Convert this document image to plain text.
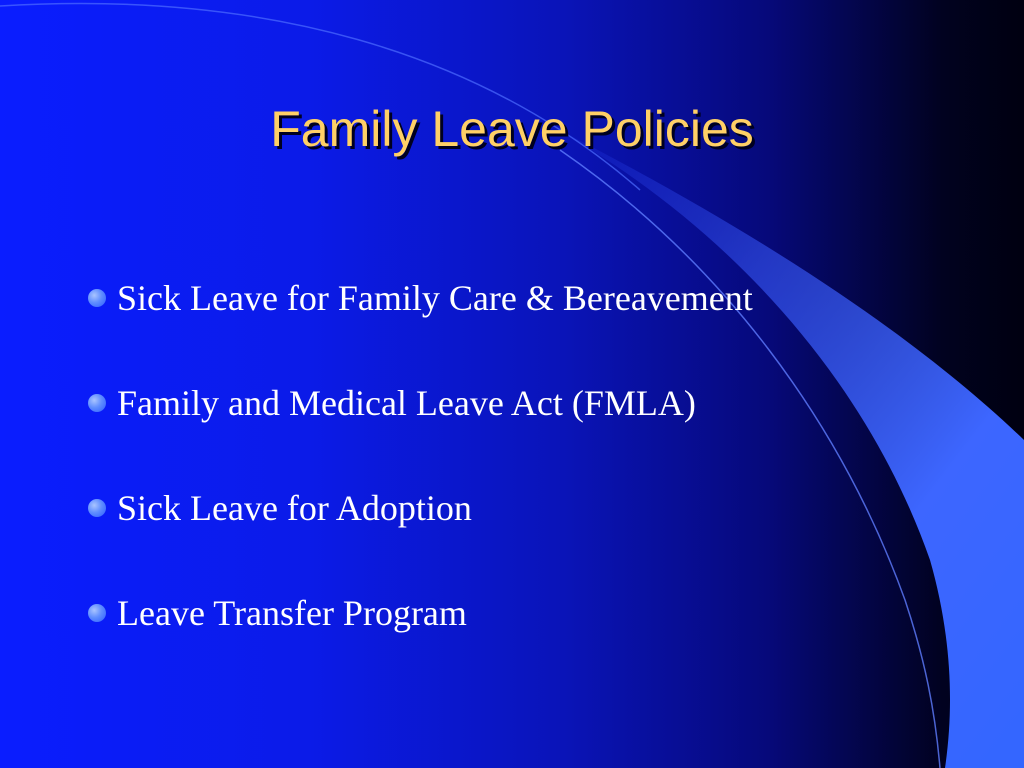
Family Leave Policies
Sick Leave for Family Care & Bereavement
Family and Medical Leave Act (FMLA)
Sick Leave for Adoption
Leave Transfer Program
